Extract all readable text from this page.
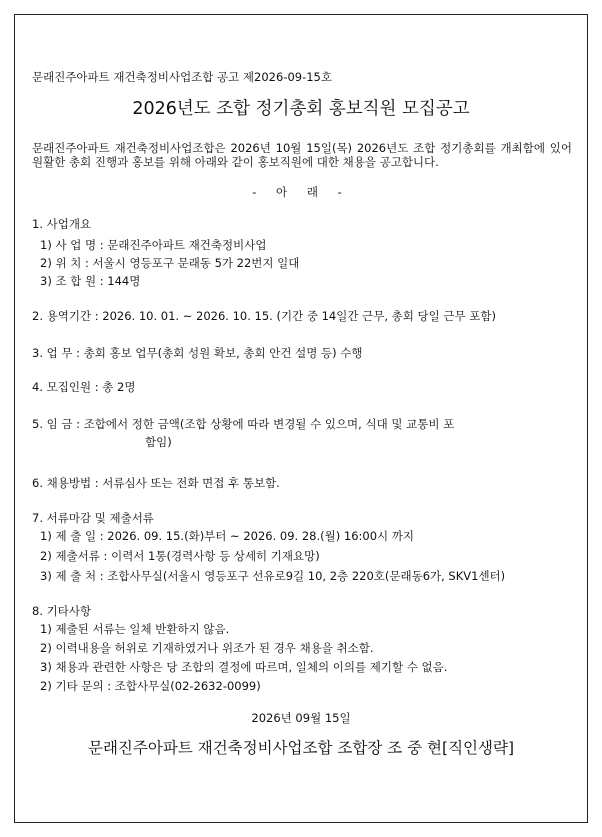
문래진주아파트 재건축정비사업조합 공고 제2026-09-15호
2026년도 조합 정기총회 홍보직원 모집공고
문래진주아파트 재건축정비사업조합은 2026년 10월 15일(목) 2026년도 조합 정기총회를 개최함에 있어 원활한 총회 진행과 홍보를 위해 아래와 같이 홍보직원에 대한 채용을 공고합니다.
- 아 래 -
1. 사업개요
1) 사 업 명 : 문래진주아파트 재건축정비사업
2) 위 치 : 서울시 영등포구 문래동 5가 22번지 일대
3) 조 합 원 : 144명
2. 용역기간 : 2026. 10. 01. ~ 2026. 10. 15. (기간 중 14일간 근무, 총회 당일 근무 포함)
3. 업 무 : 총회 홍보 업무(총회 성원 확보, 총회 안건 설명 등) 수행
4. 모집인원 : 총 2명
5. 임 금 : 조합에서 정한 금액(조합 상황에 따라 변경될 수 있으며, 식대 및 교통비 포
함임)
6. 채용방법 : 서류심사 또는 전화 면접 후 통보함.
7. 서류마감 및 제출서류
1) 제 출 일 : 2026. 09. 15.(화)부터 ~ 2026. 09. 28.(월) 16:00시 까지
2) 제출서류 : 이력서 1통(경력사항 등 상세히 기재요망)
3) 제 출 처 : 조합사무실(서울시 영등포구 선유로9길 10, 2층 220호(문래동6가, SKV1센터)
8. 기타사항
1) 제출된 서류는 일체 반환하지 않음.
2) 이력내용을 허위로 기재하였거나 위조가 된 경우 채용을 취소함.
3) 채용과 관련한 사항은 당 조합의 결정에 따르며, 일체의 이의를 제기할 수 없음.
2) 기타 문의 : 조합사무실(02-2632-0099)
2026년 09월 15일
문래진주아파트 재건축정비사업조합 조합장 조 중 현[직인생략]
